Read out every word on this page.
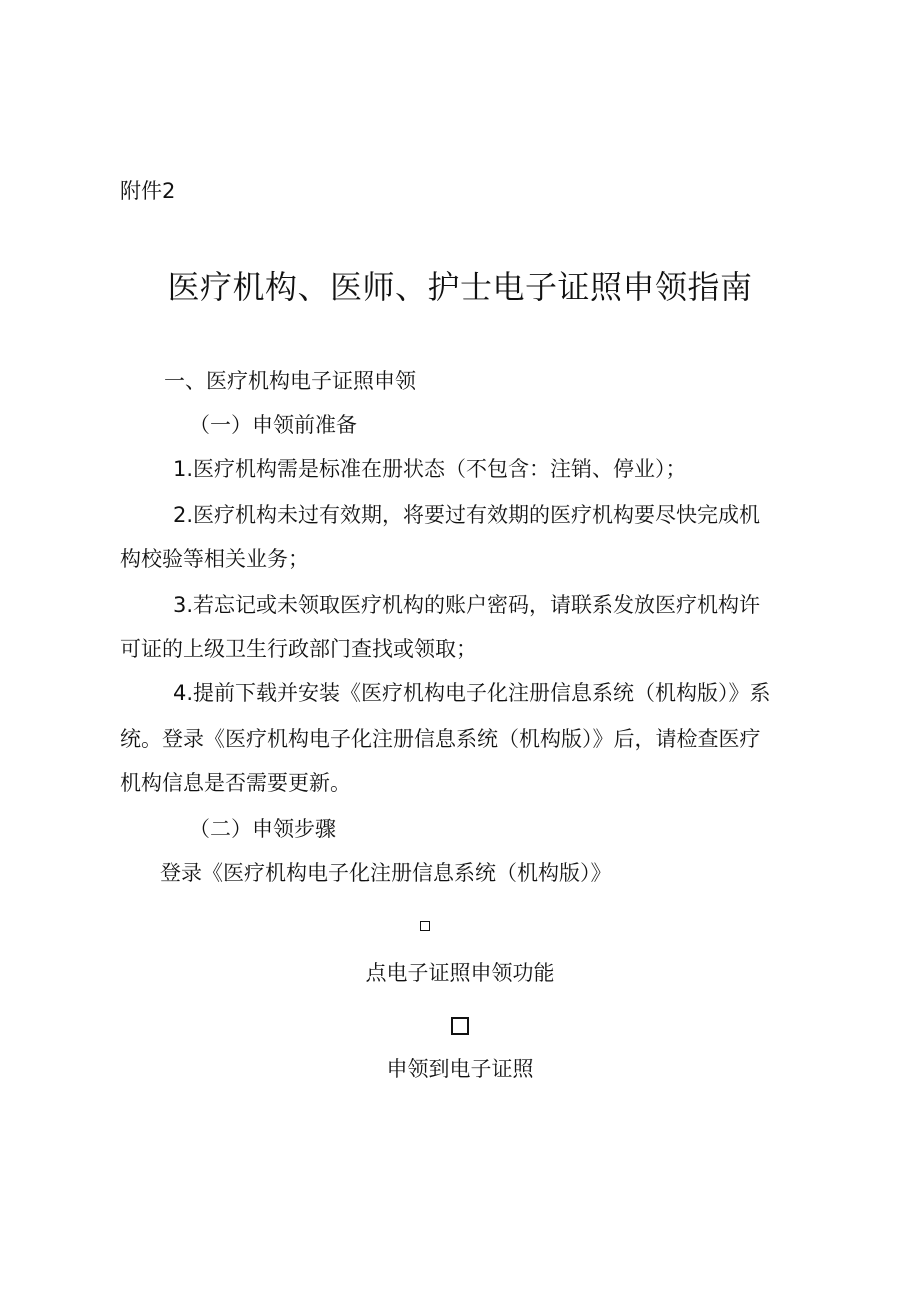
附件2
医疗机构、医师、护士电子证照申领指南
一、医疗机构电子证照申领
（一）申领前准备
1.医疗机构需是标准在册状态（不包含：注销、停业）；
2.医疗机构未过有效期，将要过有效期的医疗机构要尽快完成机
构校验等相关业务；
3.若忘记或未领取医疗机构的账户密码，请联系发放医疗机构许
可证的上级卫生行政部门查找或领取；
4.提前下载并安装《医疗机构电子化注册信息系统（机构版）》系
统。登录《医疗机构电子化注册信息系统（机构版）》后，请检查医疗
机构信息是否需要更新。
（二）申领步骤
登录《医疗机构电子化注册信息系统（机构版）》
点电子证照申领功能
申领到电子证照
